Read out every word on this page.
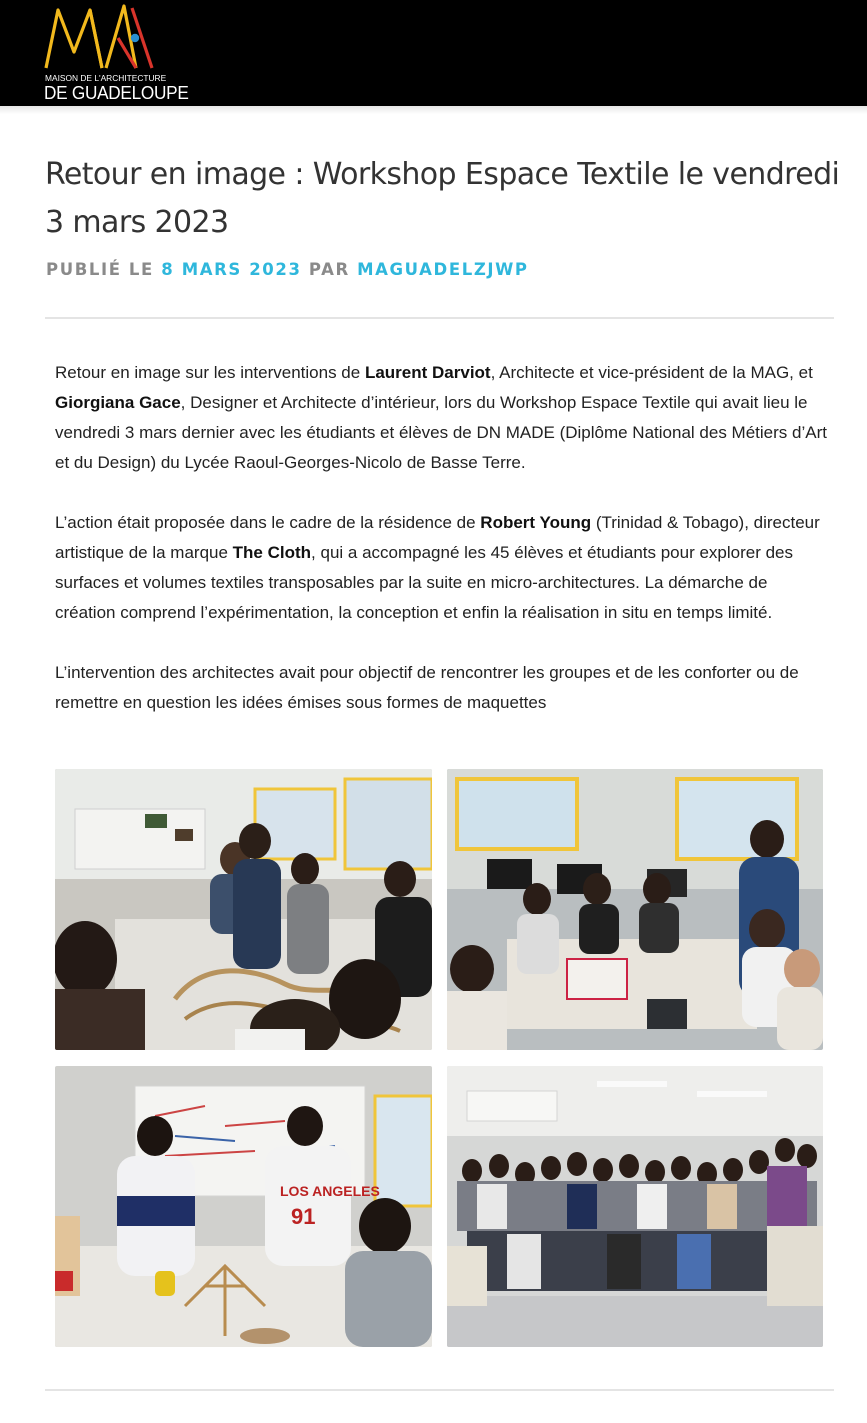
MAISON DE L'ARCHITECTURE
DE GUADELOUPE
Retour en image : Workshop Espace Textile le vendredi 3 mars 2023
PUBLIÉ LE 8 MARS 2023 PAR MAGUADELZJWP

Retour en image sur les interventions de Laurent Darviot, Architecte et vice-président de la MAG, et Giorgiana Gace, Designer et Architecte d’intérieur, lors du Workshop Espace Textile qui avait lieu le vendredi 3 mars dernier avec les étudiants et élèves de DN MADE (Diplôme National des Métiers d’Art et du Design) du Lycée Raoul-Georges-Nicolo de Basse Terre.

L’action était proposée dans le cadre de la résidence de Robert Young (Trinidad & Tobago), directeur artistique de la marque The Cloth, qui a accompagné les 45 élèves et étudiants pour explorer des surfaces et volumes textiles transposables par la suite en micro-architectures. La démarche de création comprend l’expérimentation, la conception et enfin la réalisation in situ en temps limité.

L’intervention des architectes avait pour objectif de rencontrer les groupes et de les conforter ou de remettre en question les idées émises sous formes de maquettes

LOS ANGELES
91
